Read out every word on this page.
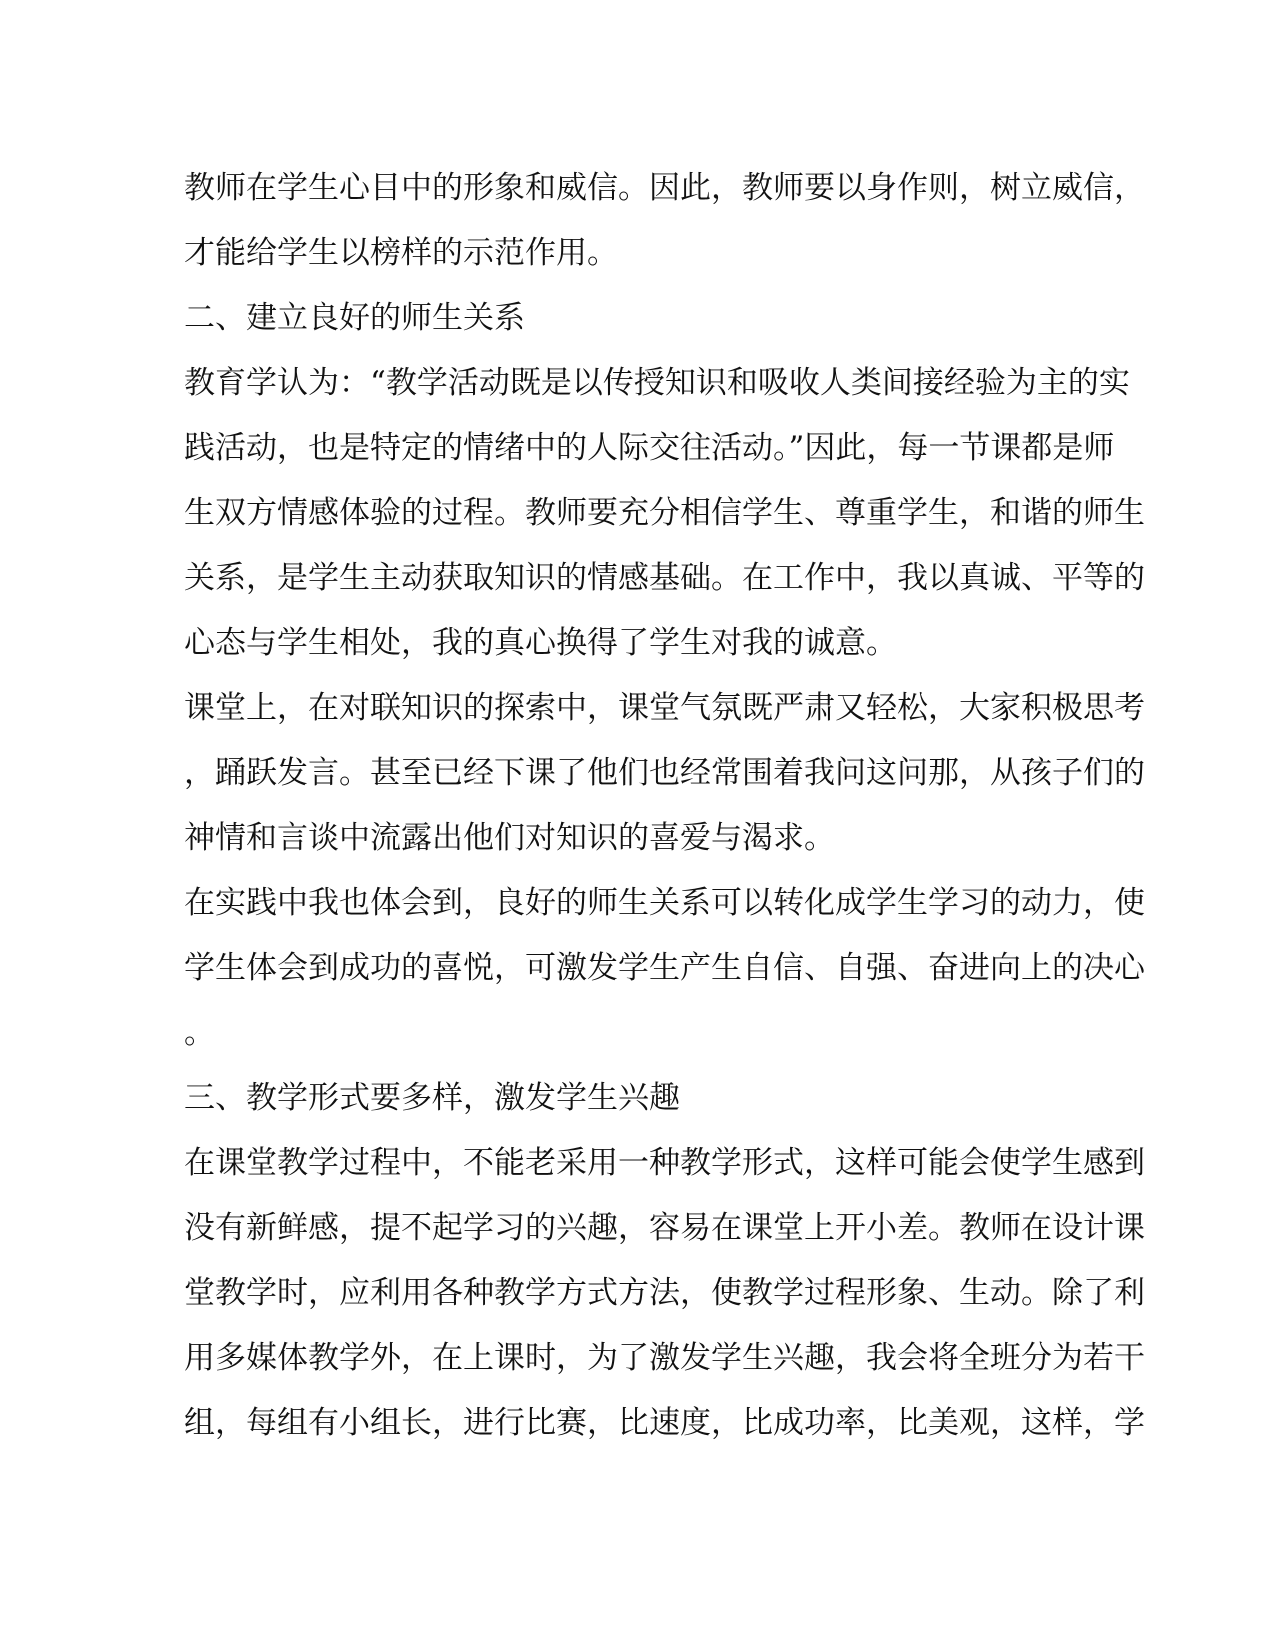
教师在学生心目中的形象和威信。因此，教师要以身作则，树立威信，
才能给学生以榜样的示范作用。
二、建立良好的师生关系
教育学认为：“教学活动既是以传授知识和吸收人类间接经验为主的实
践活动，也是特定的情绪中的人际交往活动。”因此，每一节课都是师
生双方情感体验的过程。教师要充分相信学生、尊重学生，和谐的师生
关系，是学生主动获取知识的情感基础。在工作中，我以真诚、平等的
心态与学生相处，我的真心换得了学生对我的诚意。
课堂上，在对联知识的探索中，课堂气氛既严肃又轻松，大家积极思考
，踊跃发言。甚至已经下课了他们也经常围着我问这问那，从孩子们的
神情和言谈中流露出他们对知识的喜爱与渴求。
在实践中我也体会到，良好的师生关系可以转化成学生学习的动力，使
学生体会到成功的喜悦，可激发学生产生自信、自强、奋进向上的决心
。
三、教学形式要多样，激发学生兴趣
在课堂教学过程中，不能老采用一种教学形式，这样可能会使学生感到
没有新鲜感，提不起学习的兴趣，容易在课堂上开小差。教师在设计课
堂教学时，应利用各种教学方式方法，使教学过程形象、生动。除了利
用多媒体教学外，在上课时，为了激发学生兴趣，我会将全班分为若干
组，每组有小组长，进行比赛，比速度，比成功率，比美观，这样，学
